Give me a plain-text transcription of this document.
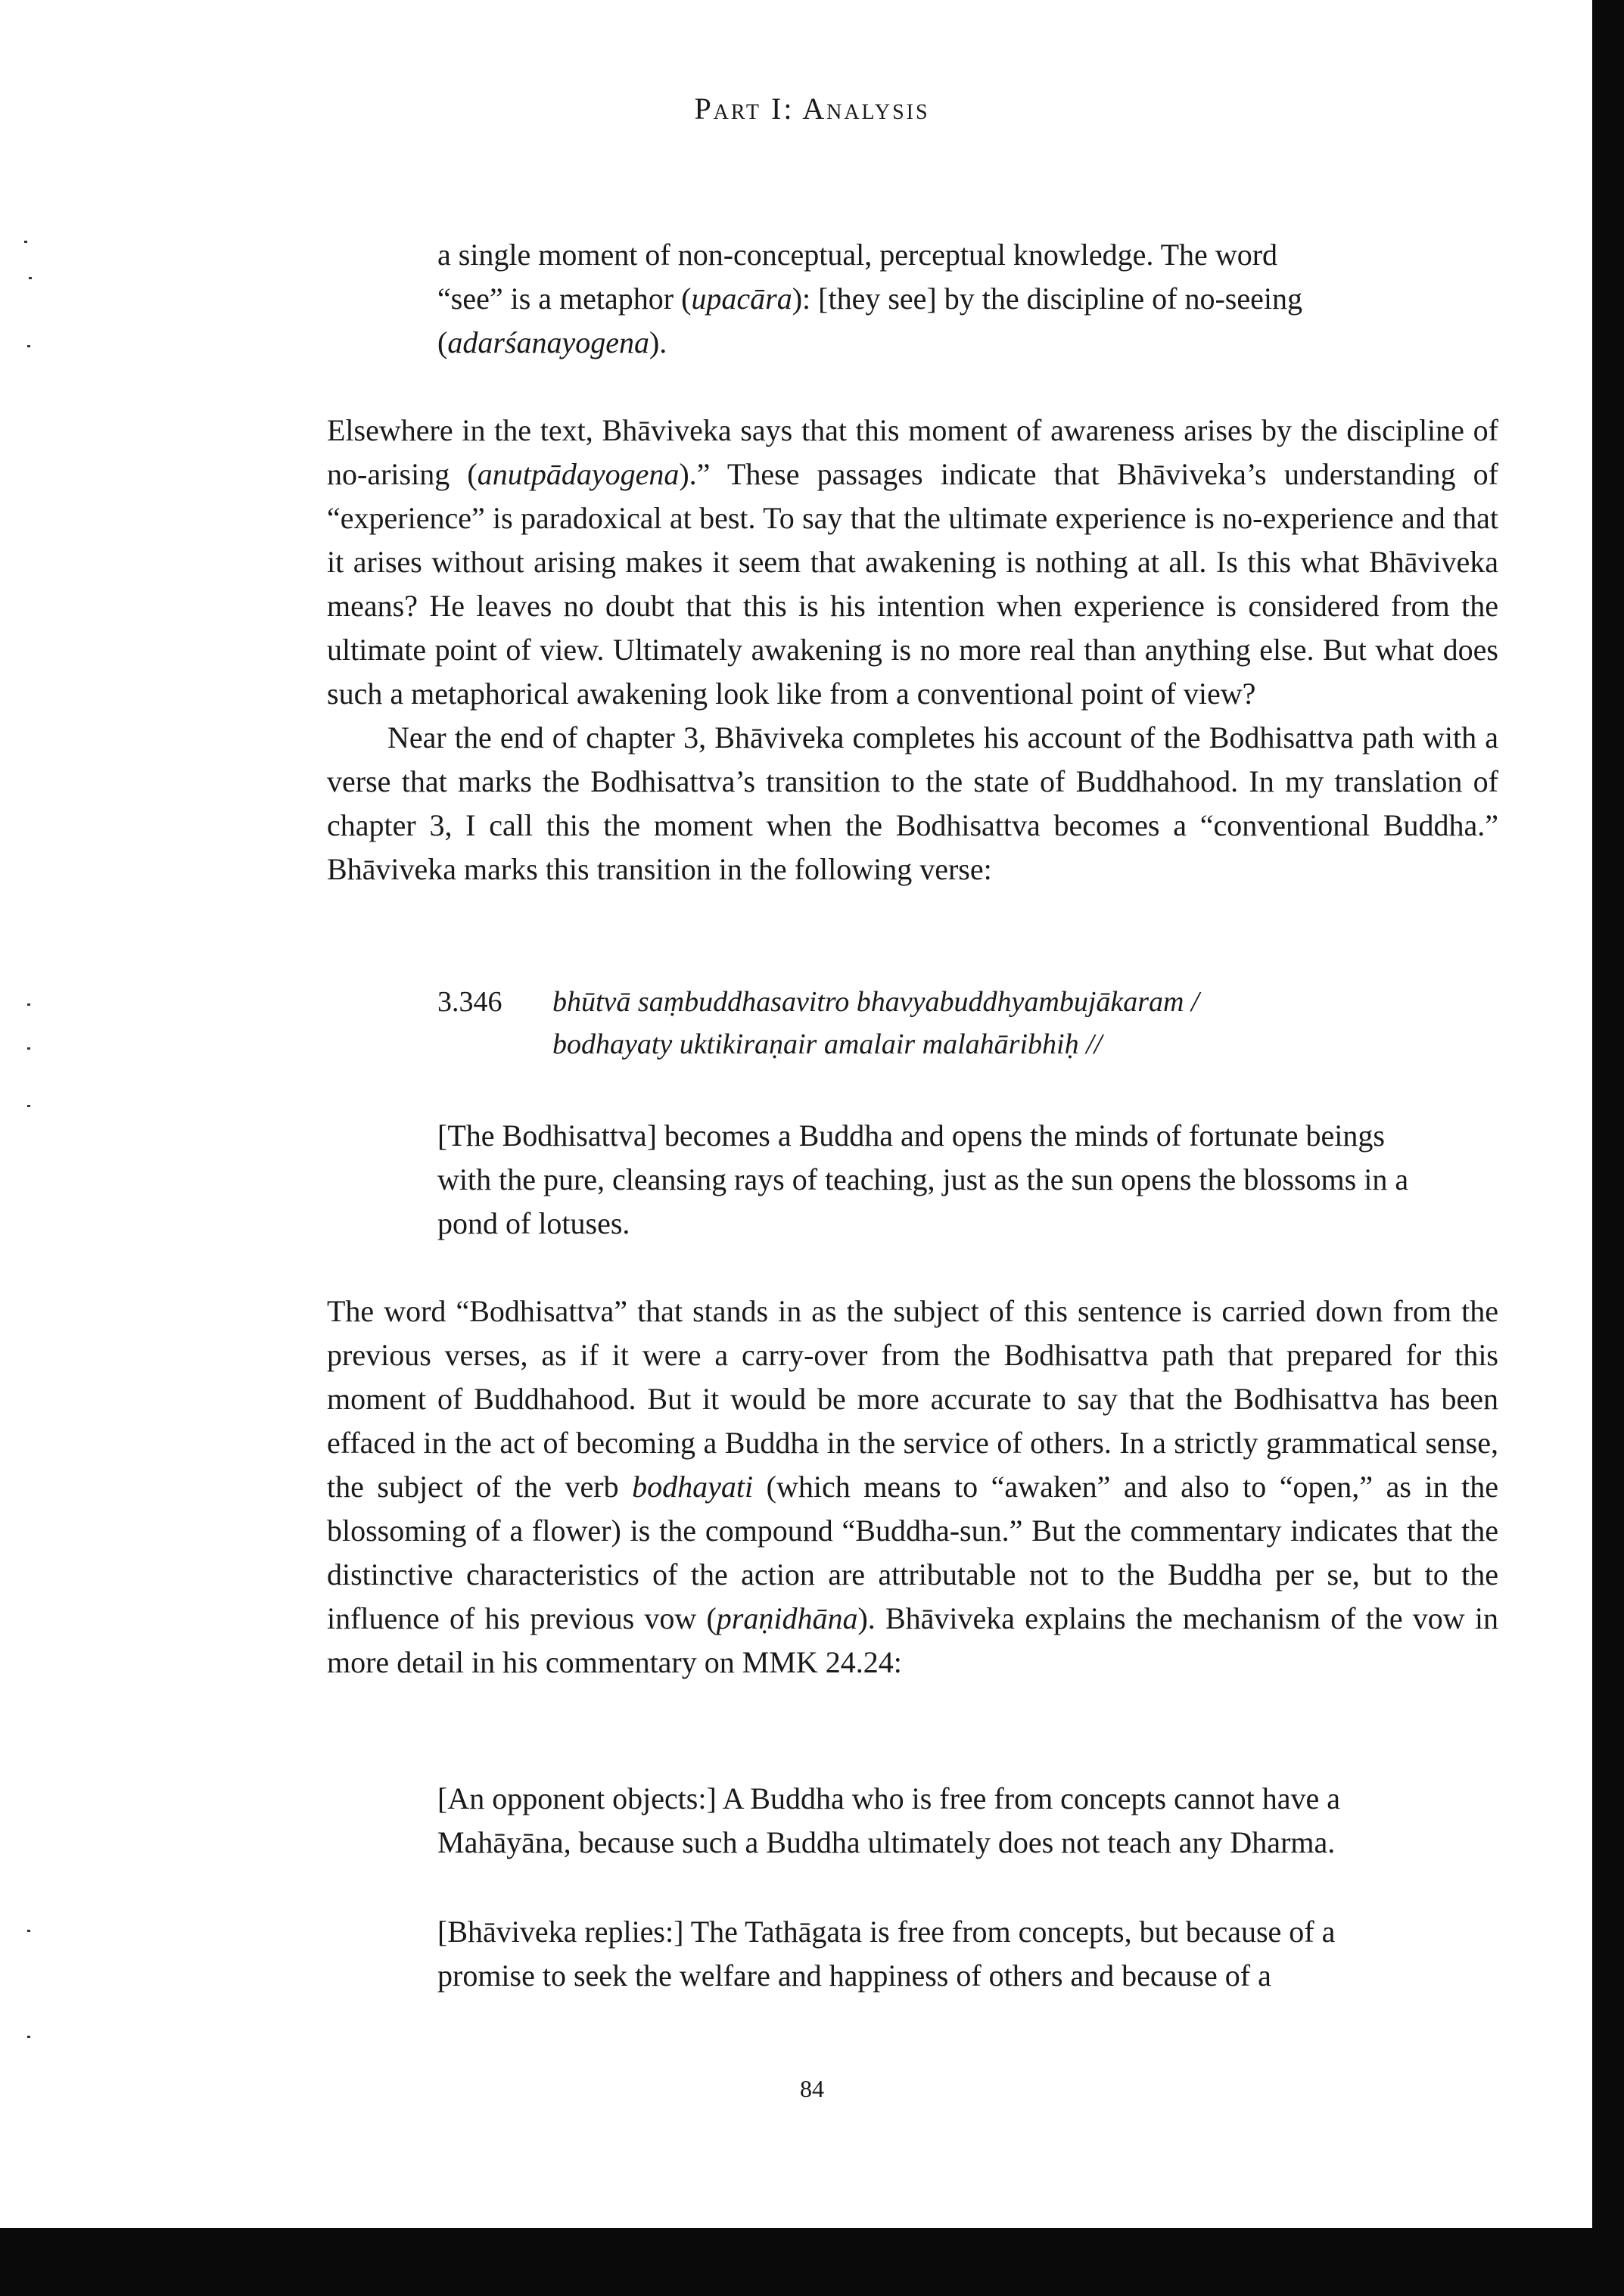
Part I: Analysis

a single moment of non-conceptual, perceptual knowledge. The word

“see” is a metaphor (upacāra): [they see] by the discipline of no-seeing

(adarśanayogena).

Elsewhere in the text, Bhāviveka says that this moment of awareness arises by the discipline of no-arising (anutpādayogena).” These passages indicate that Bhāviveka’s understanding of “experience” is paradoxical at best. To say that the ultimate experience is no-experience and that it arises without arising makes it seem that awakening is nothing at all. Is this what Bhāviveka means? He leaves no doubt that this is his intention when experience is considered from the ultimate point of view. Ultimately awakening is no more real than anything else. But what does such a metaphorical awakening look like from a conventional point of view?

Near the end of chapter 3, Bhāviveka completes his account of the Bodhisattva path with a verse that marks the Bodhisattva’s transition to the state of Buddhahood. In my translation of chapter 3, I call this the moment when the Bodhisattva becomes a “conventional Buddha.” Bhāviveka marks this transition in the following verse:

3.346 bhūtvā saṃbuddhasavitro bhavyabuddhyambujākaram /
bodhayaty uktikiraṇair amalair malahāribhiḥ //
[The Bodhisattva] becomes a Buddha and opens the minds of fortunate beings with the pure, cleansing rays of teaching, just as the sun opens the blossoms in a pond of lotuses.

The word “Bodhisattva” that stands in as the subject of this sentence is carried down from the previous verses, as if it were a carry-over from the Bodhisattva path that prepared for this moment of Buddhahood. But it would be more accurate to say that the Bodhisattva has been effaced in the act of becoming a Buddha in the service of others. In a strictly grammatical sense, the subject of the verb bodhayati (which means to “awaken” and also to “open,” as in the blossoming of a flower) is the compound “Buddha-sun.” But the commentary indicates that the distinctive characteristics of the action are attributable not to the Buddha per se, but to the influence of his previous vow (praṇidhāna). Bhāviveka explains the mechanism of the vow in more detail in his commentary on MMK 24.24:

[An opponent objects:] A Buddha who is free from concepts cannot have a Mahāyāna, because such a Buddha ultimately does not teach any Dharma.
[Bhāviveka replies:] The Tathāgata is free from concepts, but because of a promise to seek the welfare and happiness of others and because of a
84
